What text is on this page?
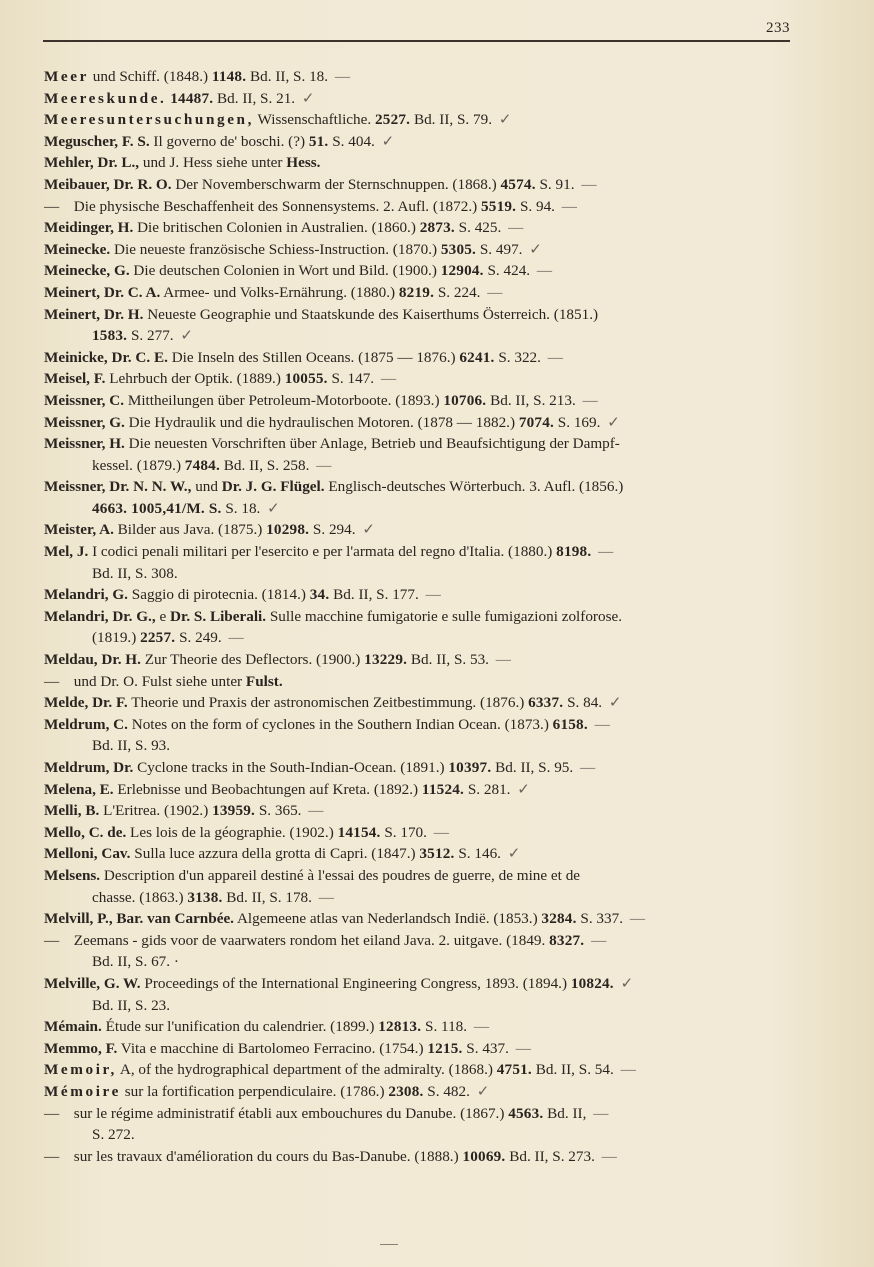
233

Meer und Schiff. (1848.) 1148. Bd. II, S. 18. —

Meereskunde. 14487. Bd. II, S. 21. ✓

Meeresuntersuchungen, Wissenschaftliche. 2527. Bd. II, S. 79. ✓

Meguscher, F. S. Il governo de' boschi. (?) 51. S. 404. ✓

Mehler, Dr. L., und J. Hess siehe unter Hess.

Meibauer, Dr. R. O. Der Novemberschwarm der Sternschnuppen. (1868.) 4574. S. 91. —

— Die physische Beschaffenheit des Sonnensystems. 2. Aufl. (1872.) 5519. S. 94. —

Meidinger, H. Die britischen Colonien in Australien. (1860.) 2873. S. 425. —

Meinecke. Die neueste französische Schiess-Instruction. (1870.) 5305. S. 497. ✓

Meinecke, G. Die deutschen Colonien in Wort und Bild. (1900.) 12904. S. 424. —

Meinert, Dr. C. A. Armee- und Volks-Ernährung. (1880.) 8219. S. 224. —

Meinert, Dr. H. Neueste Geographie und Staatskunde des Kaiserthums Österreich. (1851.)
1583. S. 277. ✓

Meinicke, Dr. C. E. Die Inseln des Stillen Oceans. (1875 — 1876.) 6241. S. 322. —

Meisel, F. Lehrbuch der Optik. (1889.) 10055. S. 147. —

Meissner, C. Mittheilungen über Petroleum-Motorboote. (1893.) 10706. Bd. II, S. 213. —

Meissner, G. Die Hydraulik und die hydraulischen Motoren. (1878 — 1882.) 7074. S. 169. ✓

Meissner, H. Die neuesten Vorschriften über Anlage, Betrieb und Beaufsichtigung der Dampf-
kessel. (1879.) 7484. Bd. II, S. 258. —

Meissner, Dr. N. N. W., und Dr. J. G. Flügel. Englisch-deutsches Wörterbuch. 3. Aufl. (1856.)
4663. 1005,41/M. S. S. 18. ✓

Meister, A. Bilder aus Java. (1875.) 10298. S. 294. ✓

Mel, J. I codici penali militari per l'esercito e per l'armata del regno d'Italia. (1880.) 8198. —
Bd. II, S. 308.

Melandri, G. Saggio di pirotecnia. (1814.) 34. Bd. II, S. 177. —

Melandri, Dr. G., e Dr. S. Liberali. Sulle macchine fumigatorie e sulle fumigazioni zolforose.
(1819.) 2257. S. 249. —

Meldau, Dr. H. Zur Theorie des Deflectors. (1900.) 13229. Bd. II, S. 53. —

— und Dr. O. Fulst siehe unter Fulst.

Melde, Dr. F. Theorie und Praxis der astronomischen Zeitbestimmung. (1876.) 6337. S. 84. ✓

Meldrum, C. Notes on the form of cyclones in the Southern Indian Ocean. (1873.) 6158. —
Bd. II, S. 93.

Meldrum, Dr. Cyclone tracks in the South-Indian-Ocean. (1891.) 10397. Bd. II, S. 95. —

Melena, E. Erlebnisse und Beobachtungen auf Kreta. (1892.) 11524. S. 281. ✓

Melli, B. L'Eritrea. (1902.) 13959. S. 365. —

Mello, C. de. Les lois de la géographie. (1902.) 14154. S. 170. —

Melloni, Cav. Sulla luce azzura della grotta di Capri. (1847.) 3512. S. 146. ✓

Melsens. Description d'un appareil destiné à l'essai des poudres de guerre, de mine et de
chasse. (1863.) 3138. Bd. II, S. 178. —

Melvill, P., Bar. van Carnbée. Algemeene atlas van Nederlandsch Indië. (1853.) 3284. S. 337. —

— Zeemans - gids voor de vaarwaters rondom het eiland Java. 2. uitgave. (1849. 8327. —
Bd. II, S. 67. ·

Melville, G. W. Proceedings of the International Engineering Congress, 1893. (1894.) 10824. ✓
Bd. II, S. 23.

Mémain. Étude sur l'unification du calendrier. (1899.) 12813. S. 118. —

Memmo, F. Vita e macchine di Bartolomeo Ferracino. (1754.) 1215. S. 437. —

Memoir, A, of the hydrographical department of the admiralty. (1868.) 4751. Bd. II, S. 54. —

Mémoire sur la fortification perpendiculaire. (1786.) 2308. S. 482. ✓

— sur le régime administratif établi aux embouchures du Danube. (1867.) 4563. Bd. II, —
S. 272.

— sur les travaux d'amélioration du cours du Bas-Danube. (1888.) 10069. Bd. II, S. 273. —
